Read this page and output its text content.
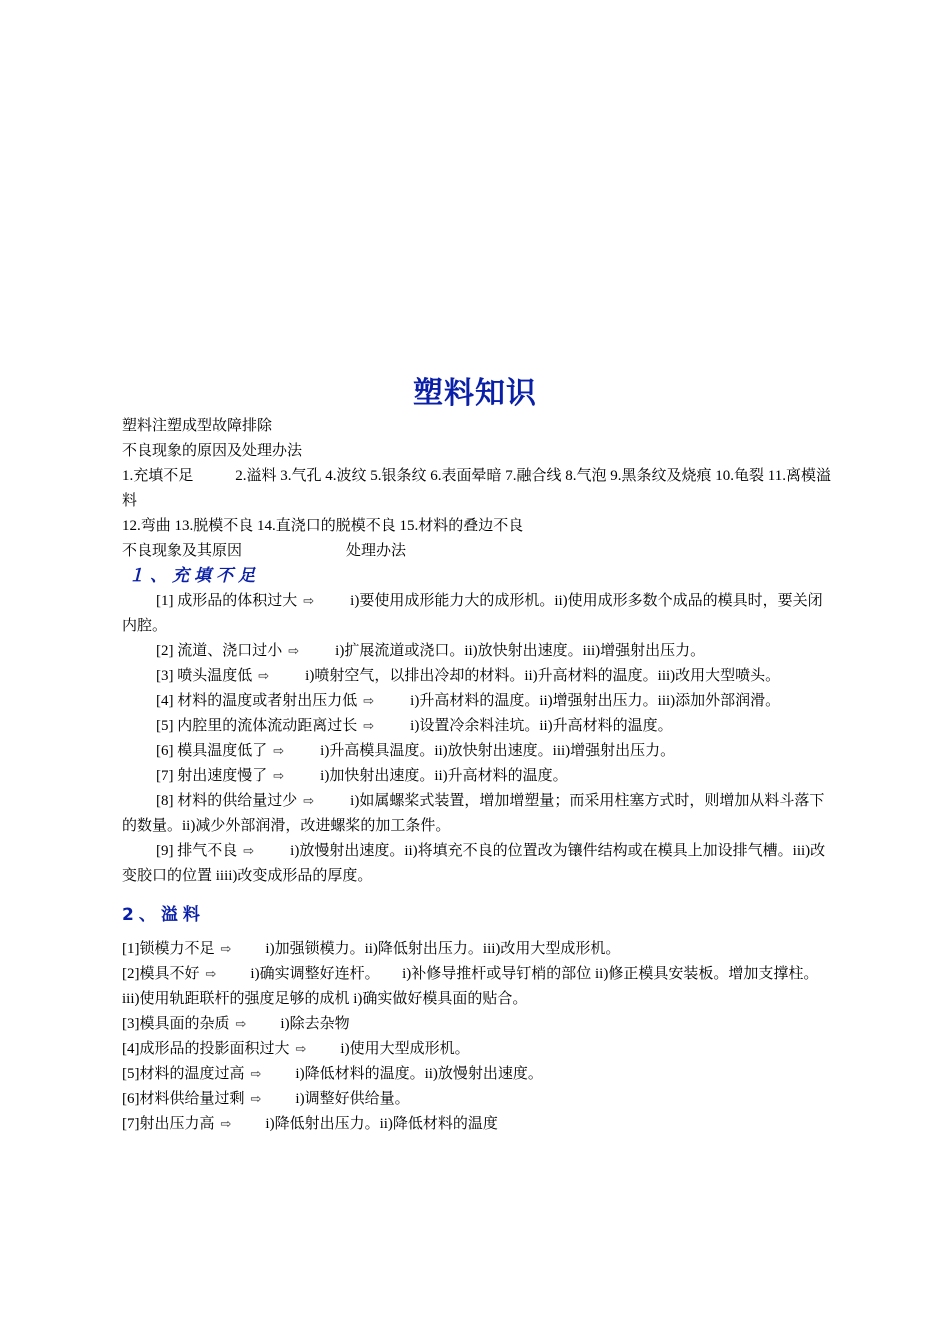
塑料知识

塑料注塑成型故障排除

不良现象的原因及处理办法

1.充填不足	2.溢料 3.气孔 4.波纹 5.银条纹 6.表面晕暗 7.融合线 8.气泡 9.黑条纹及烧痕 10.龟裂 11.离模溢料

12.弯曲 13.脱模不良 14.直浇口的脱模不良 15.材料的叠边不良

不良现象及其原因	处理办法

１、充填不足

[1] 成形品的体积过大 ⇨ i)要使用成形能力大的成形机。ii)使用成形多数个成品的模具时，要关闭内腔。

[2] 流道、浇口过小 ⇨ i)扩展流道或浇口。ii)放快射出速度。iii)增强射出压力。

[3] 喷头温度低 ⇨ i)喷射空气，以排出冷却的材料。ii)升高材料的温度。iii)改用大型喷头。

[4] 材料的温度或者射出压力低 ⇨ i)升高材料的温度。ii)增强射出压力。iii)添加外部润滑。

[5] 内腔里的流体流动距离过长 ⇨ i)设置冷余料洼坑。ii)升高材料的温度。

[6] 模具温度低了 ⇨ i)升高模具温度。ii)放快射出速度。iii)增强射出压力。

[7] 射出速度慢了 ⇨ i)加快射出速度。ii)升高材料的温度。

[8] 材料的供给量过少 ⇨ i)如属螺桨式装置，增加增塑量；而采用柱塞方式时，则增加从料斗落下的数量。ii)减少外部润滑，改进螺桨的加工条件。

[9] 排气不良 ⇨ i)放慢射出速度。ii)将填充不良的位置改为镶件结构或在模具上加设排气槽。iii)改变胶口的位置 iiii)改变成形品的厚度。

2、溢料

[1]锁模力不足 ⇨ i)加强锁模力。ii)降低射出压力。iii)改用大型成形机。

[2]模具不好 ⇨ i)确实调整好连杆。　　i)补修导推杆或导钉梢的部位 ii)修正模具安装板。增加支撑柱。iii)使用轨距联杆的强度足够的成机 i)确实做好模具面的贴合。

[3]模具面的杂质 ⇨ i)除去杂物

[4]成形品的投影面积过大 ⇨ i)使用大型成形机。

[5]材料的温度过高 ⇨ i)降低材料的温度。ii)放慢射出速度。

[6]材料供给量过剩 ⇨ i)调整好供给量。

[7]射出压力高 ⇨ i)降低射出压力。ii)降低材料的温度
